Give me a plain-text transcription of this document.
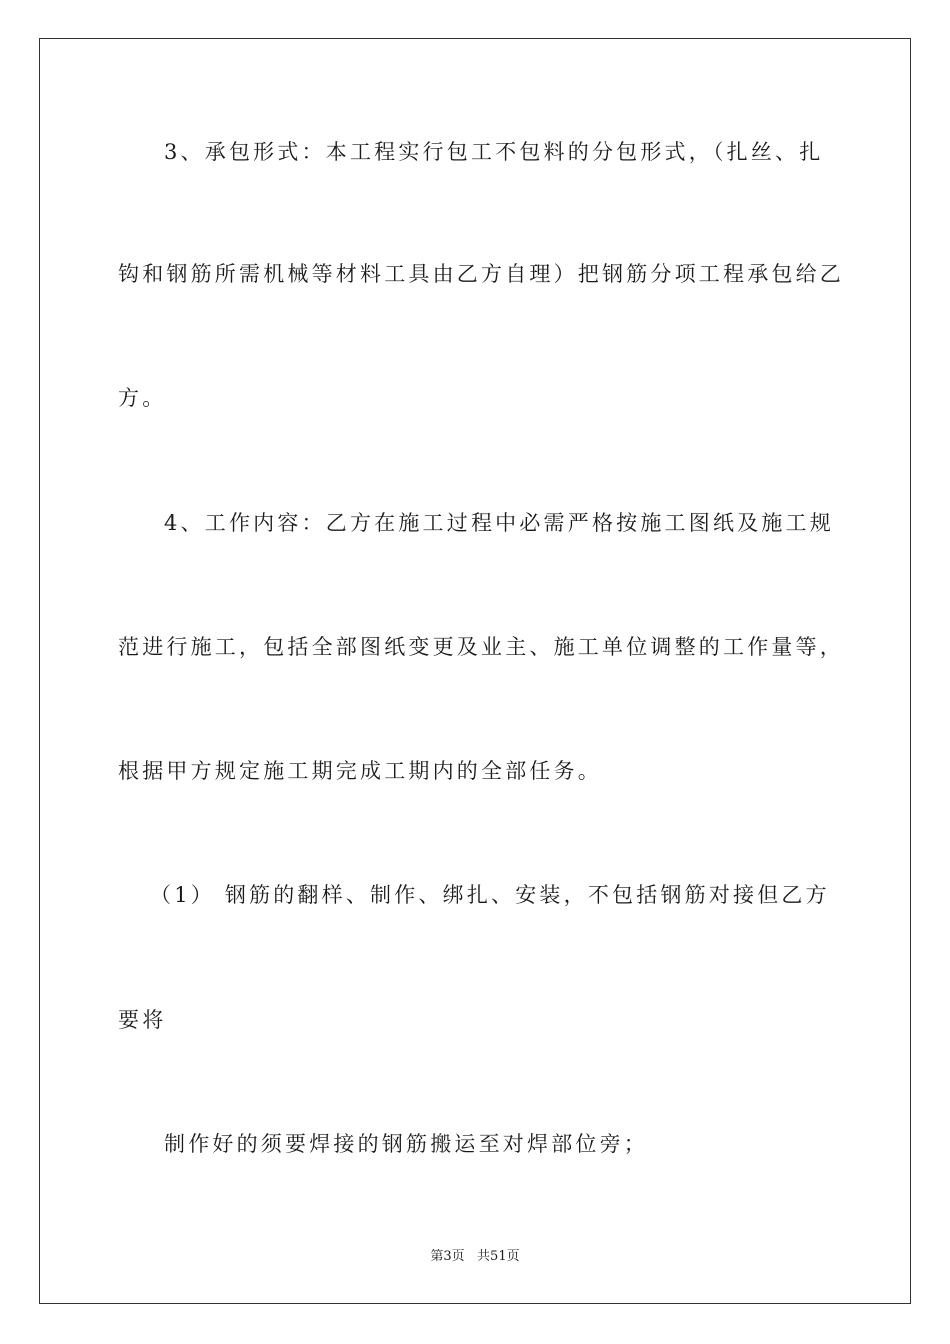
3、承包形式：本工程实行包工不包料的分包形式，（扎丝、扎
钩和钢筋所需机械等材料工具由乙方自理）把钢筋分项工程承包给乙
方。
4、工作内容：乙方在施工过程中必需严格按施工图纸及施工规
范进行施工，包括全部图纸变更及业主、施工单位调整的工作量等，
根据甲方规定施工期完成工期内的全部任务。
（1） 钢筋的翻样、制作、绑扎、安装，不包括钢筋对接但乙方
要将
制作好的须要焊接的钢筋搬运至对焊部位旁；
第3页   共51页
